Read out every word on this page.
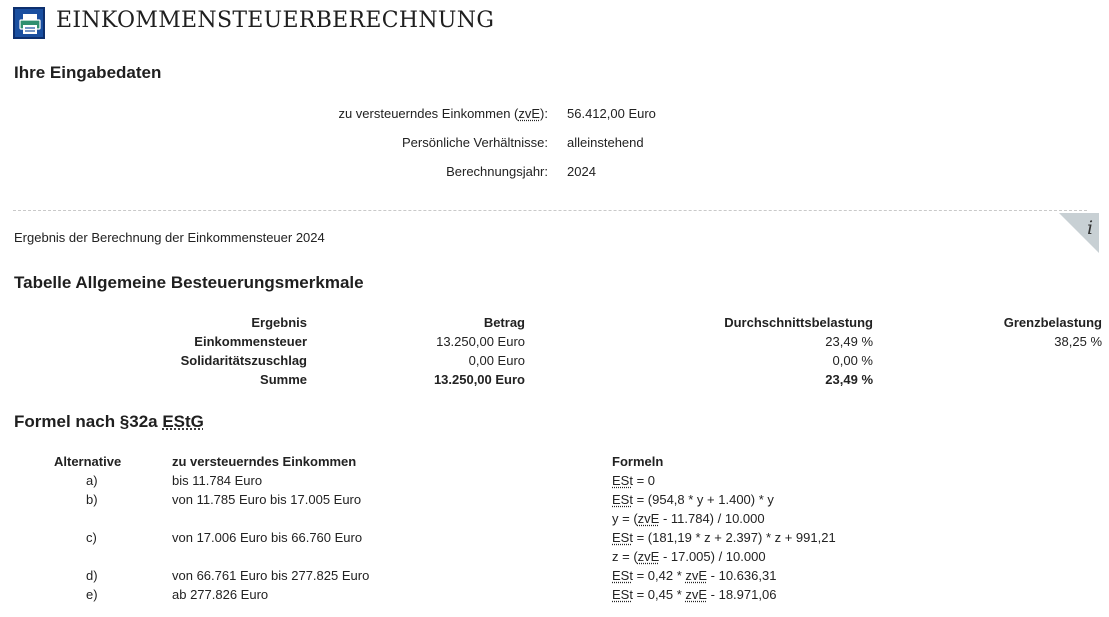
EINKOMMENSTEUERBERECHNUNG
Ihre Eingabedaten
zu versteuerndes Einkommen (zvE): 56.412,00 Euro
Persönliche Verhältnisse: alleinstehend
Berechnungsjahr: 2024
i
Ergebnis der Berechnung der Einkommensteuer 2024
Tabelle Allgemeine Besteuerungsmerkmale
Ergebnis	Betrag	Durchschnittsbelastung	Grenzbelastung
Einkommensteuer	13.250,00 Euro	23,49 %	38,25 %
Solidaritätszuschlag	0,00 Euro	0,00 %
Summe	13.250,00 Euro	23,49 %
Formel nach §32a EStG
Alternative	zu versteuerndes Einkommen	Formeln
a)	bis 11.784 Euro	ESt = 0
b)	von 11.785 Euro bis 17.005 Euro	ESt = (954,8 * y + 1.400) * y
y = (zvE - 11.784) / 10.000
c)	von 17.006 Euro bis 66.760 Euro	ESt = (181,19 * z + 2.397) * z + 991,21
z = (zvE - 17.005) / 10.000
d)	von 66.761 Euro bis 277.825 Euro	ESt = 0,42 * zvE - 10.636,31
e)	ab 277.826 Euro	ESt = 0,45 * zvE - 18.971,06
